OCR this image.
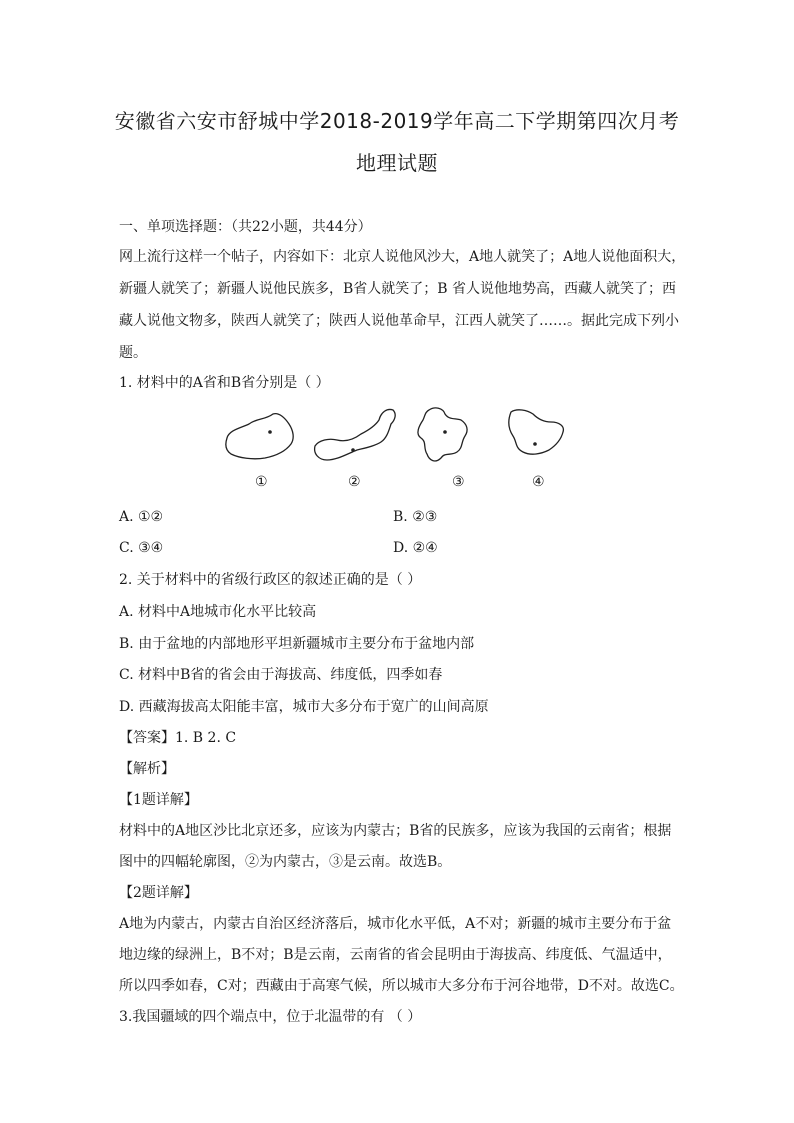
安徽省六安市舒城中学2018-2019学年高二下学期第四次月考
地理试题
一、单项选择题：（共22小题，共44分）
网上流行这样一个帖子，内容如下：北京人说他风沙大，A地人就笑了；A地人说他面积大，
新疆人就笑了；新疆人说他民族多，B省人就笑了；B 省人说他地势高，西藏人就笑了；西
藏人说他文物多，陕西人就笑了；陕西人说他革命早，江西人就笑了……。据此完成下列小
题。
1. 材料中的A省和B省分别是（ ）
①	②	③	④
A. ①②	B. ②③
C. ③④	D. ②④
2. 关于材料中的省级行政区的叙述正确的是（ ）
A. 材料中A地城市化水平比较高
B. 由于盆地的内部地形平坦新疆城市主要分布于盆地内部
C. 材料中B省的省会由于海拔高、纬度低，四季如春
D. 西藏海拔高太阳能丰富，城市大多分布于宽广的山间高原
【答案】1. B 2. C
【解析】
【1题详解】
材料中的A地区沙比北京还多，应该为内蒙古；B省的民族多，应该为我国的云南省；根据
图中的四幅轮廓图，②为内蒙古，③是云南。故选B。
【2题详解】
A地为内蒙古，内蒙古自治区经济落后，城市化水平低，A不对；新疆的城市主要分布于盆
地边缘的绿洲上，B不对；B是云南，云南省的省会昆明由于海拔高、纬度低、气温适中，
所以四季如春，C对；西藏由于高寒气候，所以城市大多分布于河谷地带，D不对。故选C。
3.我国疆域的四个端点中，位于北温带的有 （ ）
